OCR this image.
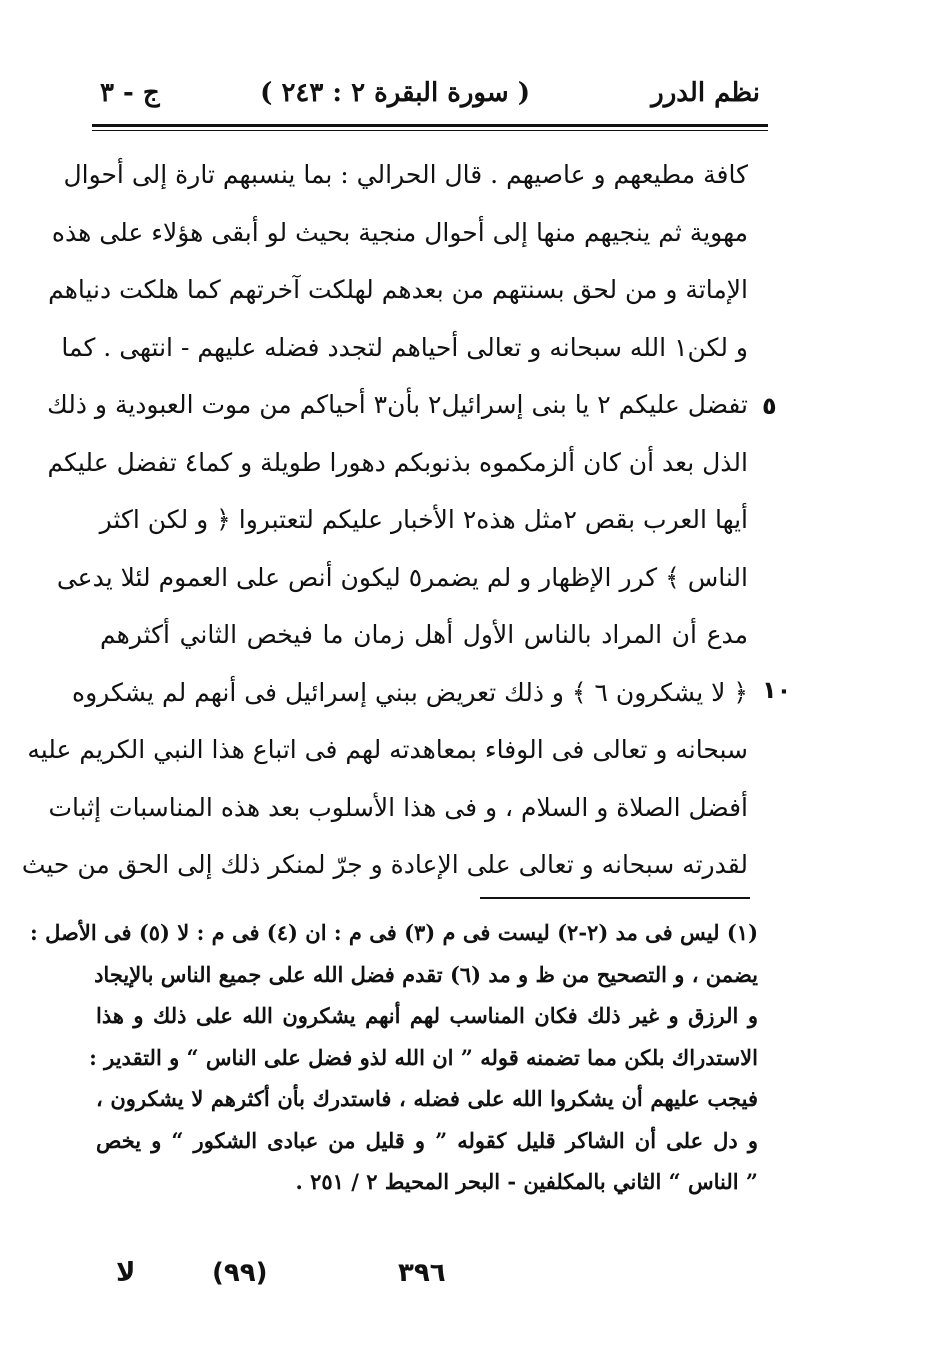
نظم الدرر
( سورة البقرة ٢ : ٢٤٣ )
ج - ٣
٥
١٠
كافة مطيعهم و عاصيهم . قال الحرالي : بما ينسبهم تارة إلى أحوال
مهوية ثم ينجيهم منها إلى أحوال منجية بحيث لو أبقى هؤلاء على هذه
الإماتة و من لحق بسنتهم من بعدهم لهلكت آخرتهم كما هلكت دنياهم
و لكن١ الله سبحانه و تعالى أحياهم لتجدد فضله عليهم - انتهى . كما
تفضل عليكم ٢ يا بنى إسرائيل٢ بأن٣ أحياكم من موت العبودية و ذلك
الذل بعد أن كان ألزمكموه بذنوبكم دهورا طويلة و كما٤ تفضل عليكم
أيها العرب بقص ٢مثل هذه٢ الأخبار عليكم لتعتبروا ﴿ و لكن اكثر
الناس ﴾ كرر الإظهار و لم يضمر٥ ليكون أنص على العموم لئلا يدعى
مدع أن المراد بالناس الأول أهل زمان ما فيخص الثاني أكثرهم
﴿ لا يشكرون ٦ ﴾ و ذلك تعريض ببني إسرائيل فى أنهم لم يشكروه
سبحانه و تعالى فى الوفاء بمعاهدته لهم فى اتباع هذا النبي الكريم عليه
أفضل الصلاة و السلام ، و فى هذا الأسلوب بعد هذه المناسبات إثبات
لقدرته سبحانه و تعالى على الإعادة و جرّ لمنكر ذلك إلى الحق من حيث
(١) ليس فى مد (٢-٢) ليست فى م (٣) فى م : ان (٤) فى م : لا (٥) فى الأصل :
يضمن ، و التصحيح من ظ و مد (٦) تقدم فضل الله على جميع الناس بالإيجاد
و الرزق و غير ذلك فكان المناسب لهم أنهم يشكرون الله على ذلك و هذا
الاستدراك بلكن مما تضمنه قوله ” ان الله لذو فضل على الناس “ و التقدير :
فيجب عليهم أن يشكروا الله على فضله ، فاستدرك بأن أكثرهم لا يشكرون ،
و دل على أن الشاكر قليل كقوله ” و قليل من عبادى الشكور “ و يخص
” الناس “ الثاني بالمكلفين - البحر المحيط ٢ / ٢٥١ .
لا	(٩٩)	٣٩٦
